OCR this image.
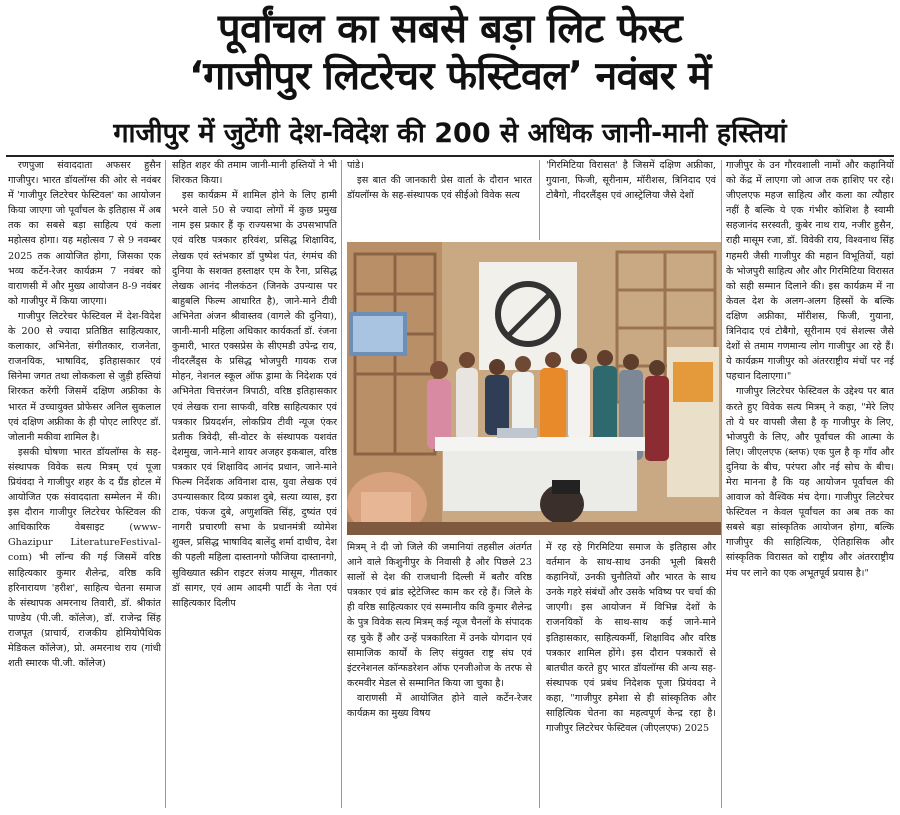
पूर्वांचल का सबसे बड़ा लिट फेस्ट
‘गाजीपुर लिटरेचर फेस्टिवल’ नवंबर में
गाजीपुर में जुटेंगी देश-विदेश की 200 से अधिक जानी-मानी हस्तियां

रणपुजा संवाददाता अफसर हुसैन गाजीपुर। भारत डॉयलॉग्स की ओर से नवंबर में 'गाजीपुर लिटरेचर फेस्टिवल' का आयोजन किया जाएगा जो पूर्वांचल के इतिहास में अब तक का सबसे बड़ा साहित्य एवं कला महोत्सव होगा। यह महोत्सव 7 से 9 नवम्बर 2025 तक आयोजित होगा, जिसका एक भव्य कर्टेन-रेजर कार्यक्रम 7 नवंबर को वाराणसी में और मुख्य आयोजन 8-9 नवंबर को गाजीपुर में किया जाएगा।

गाजीपुर लिटरेचर फेस्टिवल में देश-विदेश के 200 से ज्यादा प्रतिष्ठित साहित्यकार, कलाकार, अभिनेता, संगीतकार, राजनेता, राजनयिक, भाषाविद, इतिहासकार एवं सिनेमा जगत तथा लोककला से जुड़ी हस्तियां शिरकत करेंगी जिसमें दक्षिण अफ्रीका के भारत में उच्चायुक्त प्रोफेसर अनिल सुकलाल एवं दक्षिण अफ्रीका के ही पोएट लारिएट डॉ. जोलानी मकीवा शामिल है।

इसकी घोषणा भारत डॉयलॉग्स के सह-संस्थापक विवेक सत्य मित्रम् एवं पूजा प्रियंवदा ने गाजीपुर शहर के द ग्रैंड होटल में आयोजित एक संवाददाता सम्मेलन में की। इस दौरान गाजीपुर लिटरेचर फेस्टिवल की आधिकारिक वेबसाइट (www-Ghazipur LiteratureFestival-com) भी लॉन्च की गई जिसमें वरिष्ठ साहित्यकार कुमार शैलेन्द्र, वरिष्ठ कवि हरिनारायण 'हरीश', साहित्य चेतना समाज के संस्थापक अमरनाथ तिवारी, डॉ. श्रीकांत पाण्डेय (पी.जी. कॉलेज), डॉ. राजेन्द्र सिंह राजपूत (प्राचार्य, राजकीय होमियोपैथिक मेडिकल कॉलेज), प्रो. अमरनाथ राय (गांधी शती स्मारक पी.जी. कॉलेज)

सहित शहर की तमाम जानी-मानी हस्तियों ने भी शिरकत किया।

इस कार्यक्रम में शामिल होने के लिए हामी भरने वाले 50 से ज्यादा लोगों में कुछ प्रमुख नाम इस प्रकार हैं कृ राज्यसभा के उपसभापति एवं वरिष्ठ पत्रकार हरिवंश, प्रसिद्ध शिक्षाविद, लेखक एवं स्तंभकार डॉ पुष्पेश पंत, रंगमंच की दुनिया के सशक्त हस्ताक्षर एम के रैना, प्रसिद्ध लेखक आनंद नीलकंठन (जिनके उपन्यास पर बाहुबलि फिल्म आधारित है), जाने-माने टीवी अभिनेता अंजन श्रीवास्तव (वागले की दुनिया), जानी-मानी महिला अधिकार कार्यकर्ता डॉ. रंजना कुमारी, भारत एक्सप्रेस के सीएमडी उपेन्द्र राय, नीदरलैंड्स के प्रसिद्ध भोजपुरी गायक राज मोहन, नेशनल स्कूल ऑफ ड्रामा के निदेशक एवं अभिनेता चित्तरंजन त्रिपाठी, वरिष्ठ इतिहासकार एवं लेखक राना साफवी, वरिष्ठ साहित्यकार एवं पत्रकार प्रियदर्शन, लोकप्रिय टीवी न्यूज एंकर प्रतीक त्रिवेदी, सी-वोटर के संस्थापक यशवंत देशमुख, जाने-माने शायर अजहर इकबाल, वरिष्ठ पत्रकार एवं शिक्षाविद आनंद प्रधान, जाने-माने फिल्म निर्देशक अविनाश दास, युवा लेखक एवं उपन्यासकार दिव्य प्रकाश दुबे, सत्या व्यास, इरा टाक, पंकज दुबे, अणुशक्ति सिंह, दुष्यंत एवं नागरी प्रचारणी सभा के प्रधानमंत्री व्योमेश शुक्ल, प्रसिद्ध भाषाविद बालेंदु शर्मा दाधीच, देश की पहली महिला दास्तानगो फौजिया दास्तानगो, सुविख्यात स्क्रीन राइटर संजय मासूम, गीतकार डॉ सागर, एवं आम आदमी पार्टी के नेता एवं साहित्यकार दिलीप

पांडे।

इस बात की जानकारी प्रेस वार्ता के दौरान भारत डॉयलॉग्स के सह-संस्थापक एवं सीईओ विवेक सत्य

'गिरमिटिया विरासत' है जिसमें दक्षिण अफ्रीका, गुयाना, फिजी, सूरीनाम, मॉरीशस, त्रिनिदाद एवं टोबैगो, नीदरलैंड्स एवं आस्ट्रेलिया जैसे देशों

मित्रम् ने दी जो जिले की जमानियां तहसील अंतर्गत आने वाले किशुनीपुर के निवासी है और पिछले 23 सालों से देश की राजधानी दिल्ली में बतौर वरिष्ठ पत्रकार एवं ब्रांड स्ट्रेटेजिस्ट काम कर रहे हैं। जिले के ही वरिष्ठ साहित्यकार एवं सम्मानीय कवि कुमार शैलेन्द्र के पुत्र विवेक सत्य मित्रम् कई न्यूज चैनलों के संपादक रह चुके हैं और उन्हें पत्रकारिता में उनके योगदान एवं सामाजिक कार्यों के लिए संयुक्त राष्ट्र संघ एवं इंटरनेशनल कॉन्फडरेशन ऑफ एनजीओज के तरफ से करमवीर मेडल से सम्मानित किया जा चुका है।

वाराणसी में आयोजित होने वाले कर्टेन-रेजर कार्यक्रम का मुख्य विषय

में रह रहे गिरमिटिया समाज के इतिहास और वर्तमान के साथ-साथ उनकी भूली बिसरी कहानियों, उनकी चुनौतियों और भारत के साथ उनके गहरे संबंधों और उसके भविष्य पर चर्चा की जाएगी। इस आयोजन में विभिन्न देशों के राजनयिकों के साथ-साथ कई जाने-माने इतिहासकार, साहित्यकर्मी, शिक्षाविद और वरिष्ठ पत्रकार शामिल होंगे। इस दौरान पत्रकारों से बातचीत करते हुए भारत डॉयलॉग्स की अन्य सह-संस्थापक एवं प्रबंध निदेशक पूजा प्रियंवदा ने कहा, "गाजीपुर हमेशा से ही सांस्कृतिक और साहित्यिक चेतना का महत्वपूर्ण केन्द्र रहा है। गाजीपुर लिटरेचर फेस्टिवल (जीएलएफ) 2025

गाजीपुर के उन गौरवशाली नामों और कहानियों को केंद्र में लाएगा जो आज तक हाशिए पर रहे। जीएलएफ महज साहित्य और कला का त्यौहार नहीं है बल्कि ये एक गंभीर कोशिश है स्वामी सहजानंद सरस्वती, कुबेर नाथ राय, नजीर हुसैन, राही मासूम रजा, डॉ. विवेकी राय, विश्वनाथ सिंह गहमरी जैसी गाजीपुर की महान विभूतियों, यहां के भोजपुरी साहित्य और और गिरमिटिया विरासत को सही सम्मान दिलाने की। इस कार्यक्रम में ना केवल देश के अलग-अलग हिस्सों के बल्कि दक्षिण अफ्रीका, मॉरीशस, फिजी, गुयाना, त्रिनिदाद एवं टोबैगो, सूरीनाम एवं सेशल्स जैसे देशों से तमाम गणमान्य लोग गाजीपुर आ रहे हैं। ये कार्यक्रम गाजीपुर को अंतरराष्ट्रीय मंचों पर नई पहचान दिलाएगा।"

गाजीपुर लिटरेचर फेस्टिवल के उद्देश्य पर बात करते हुए विवेक सत्य मित्रम् ने कहा, "मेरे लिए तो ये घर वापसी जैसा है कृ गाजीपुर के लिए, भोजपुरी के लिए, और पूर्वांचल की आत्मा के लिए। जीएलएफ (ब्लफ) एक पुल है कृ गाँव और दुनिया के बीच, परंपरा और नई सोच के बीच। मेरा मानना है कि यह आयोजन पूर्वांचल की आवाज को वैश्विक मंच देगा। गाजीपुर लिटरेचर फेस्टिवल न केवल पूर्वांचल का अब तक का सबसे बड़ा सांस्कृतिक आयोजन होगा, बल्कि गाजीपुर की साहित्यिक, ऐतिहासिक और सांस्कृतिक विरासत को राष्ट्रीय और अंतरराष्ट्रीय मंच पर लाने का एक अभूतपूर्व प्रयास है।"
